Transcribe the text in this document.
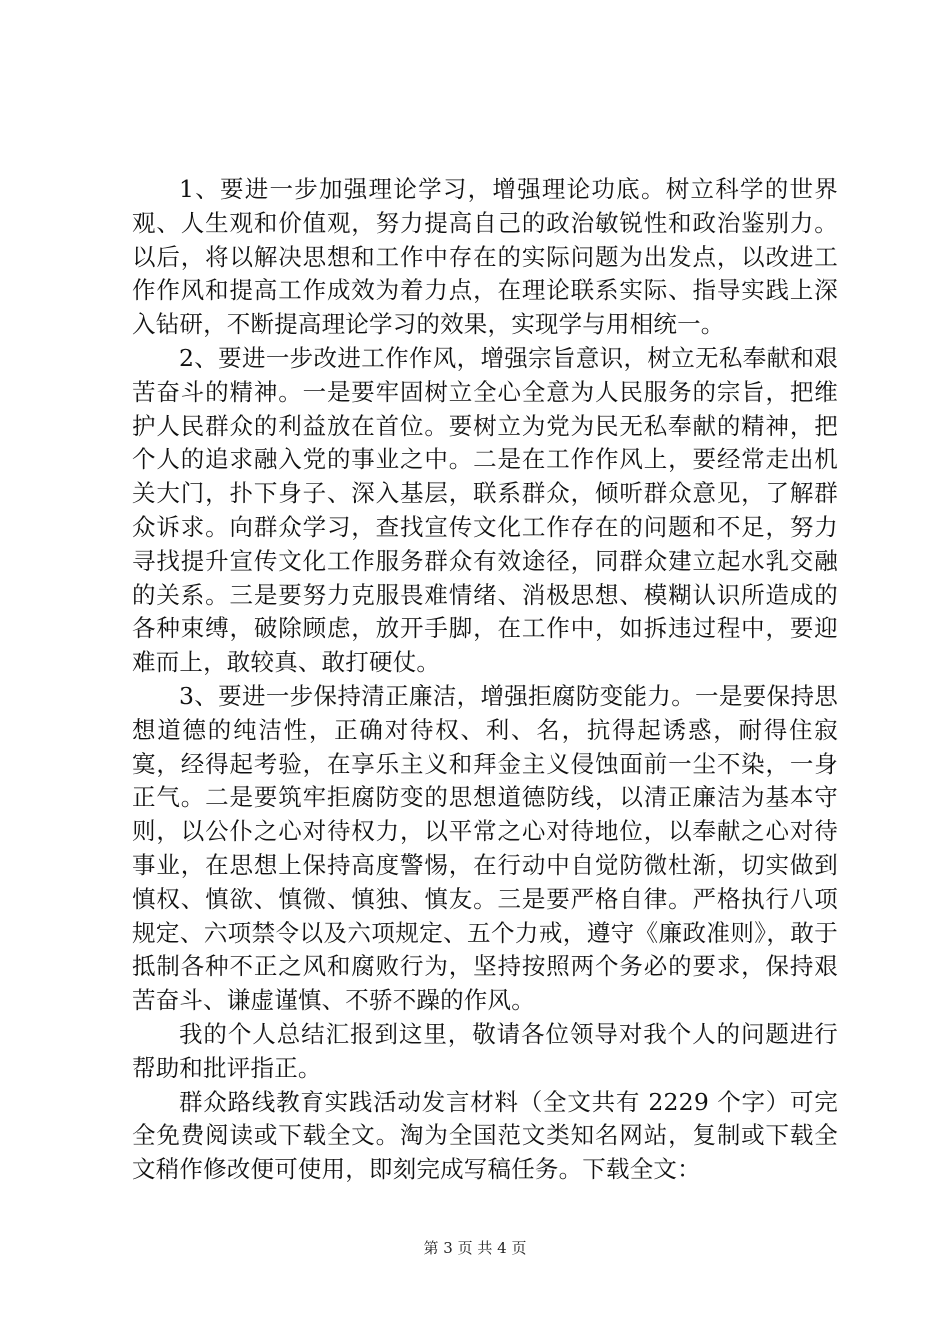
1、要进一步加强理论学习，增强理论功底。树立科学的世界观、人生观和价值观，努力提高自己的政治敏锐性和政治鉴别力。以后，将以解决思想和工作中存在的实际问题为出发点，以改进工作作风和提高工作成效为着力点，在理论联系实际、指导实践上深入钻研，不断提高理论学习的效果，实现学与用相统一。

2、要进一步改进工作作风，增强宗旨意识，树立无私奉献和艰苦奋斗的精神。一是要牢固树立全心全意为人民服务的宗旨，把维护人民群众的利益放在首位。要树立为党为民无私奉献的精神，把个人的追求融入党的事业之中。二是在工作作风上，要经常走出机关大门，扑下身子、深入基层，联系群众，倾听群众意见，了解群众诉求。向群众学习，查找宣传文化工作存在的问题和不足，努力寻找提升宣传文化工作服务群众有效途径，同群众建立起水乳交融的关系。三是要努力克服畏难情绪、消极思想、模糊认识所造成的各种束缚，破除顾虑，放开手脚，在工作中，如拆违过程中，要迎难而上，敢较真、敢打硬仗。

3、要进一步保持清正廉洁，增强拒腐防变能力。一是要保持思想道德的纯洁性，正确对待权、利、名，抗得起诱惑，耐得住寂寞，经得起考验，在享乐主义和拜金主义侵蚀面前一尘不染，一身正气。二是要筑牢拒腐防变的思想道德防线，以清正廉洁为基本守则，以公仆之心对待权力，以平常之心对待地位，以奉献之心对待事业，在思想上保持高度警惕，在行动中自觉防微杜渐，切实做到慎权、慎欲、慎微、慎独、慎友。三是要严格自律。严格执行八项规定、六项禁令以及六项规定、五个力戒，遵守《廉政准则》，敢于抵制各种不正之风和腐败行为，坚持按照两个务必的要求，保持艰苦奋斗、谦虚谨慎、不骄不躁的作风。

我的个人总结汇报到这里，敬请各位领导对我个人的问题进行帮助和批评指正。

群众路线教育实践活动发言材料（全文共有 2229 个字）可完全免费阅读或下载全文。淘为全国范文类知名网站，复制或下载全文稍作修改便可使用，即刻完成写稿任务。下载全文：

第 3 页 共 4 页
